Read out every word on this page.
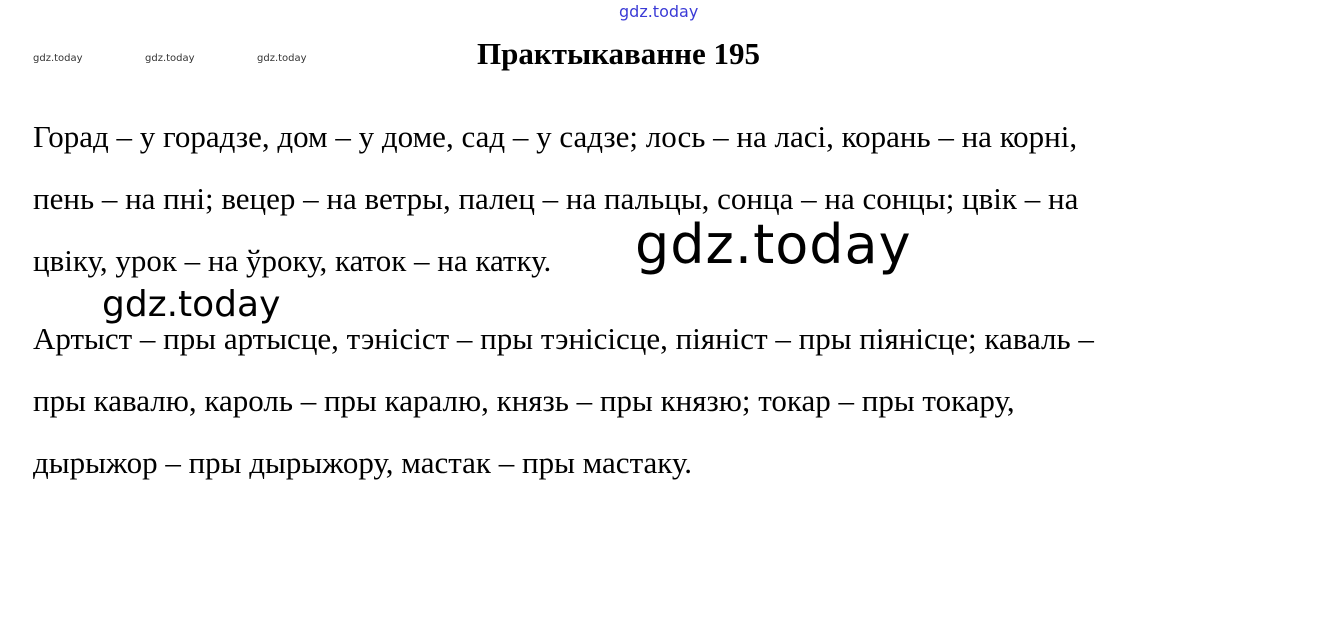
gdz.today
gdz.today	gdz.today	gdz.today	Практыкаванне 195
Горад – у горадзе, дом – у доме, сад – у садзе; лось – на ласі, корань – на корні,
пень – на пні; вецер – на ветры, палец – на пальцы, сонца – на сонцы; цвік – на
цвіку, урок – на ўроку, каток – на катку.
Артыст – пры артысце, тэнісіст – пры тэнісісце, піяніст – пры піянісце; каваль –
пры кавалю, кароль – пры каралю, князь – пры князю; токар – пры токару,
дырыжор – пры дырыжору, мастак – пры мастаку.
gdz.today
gdz.today
